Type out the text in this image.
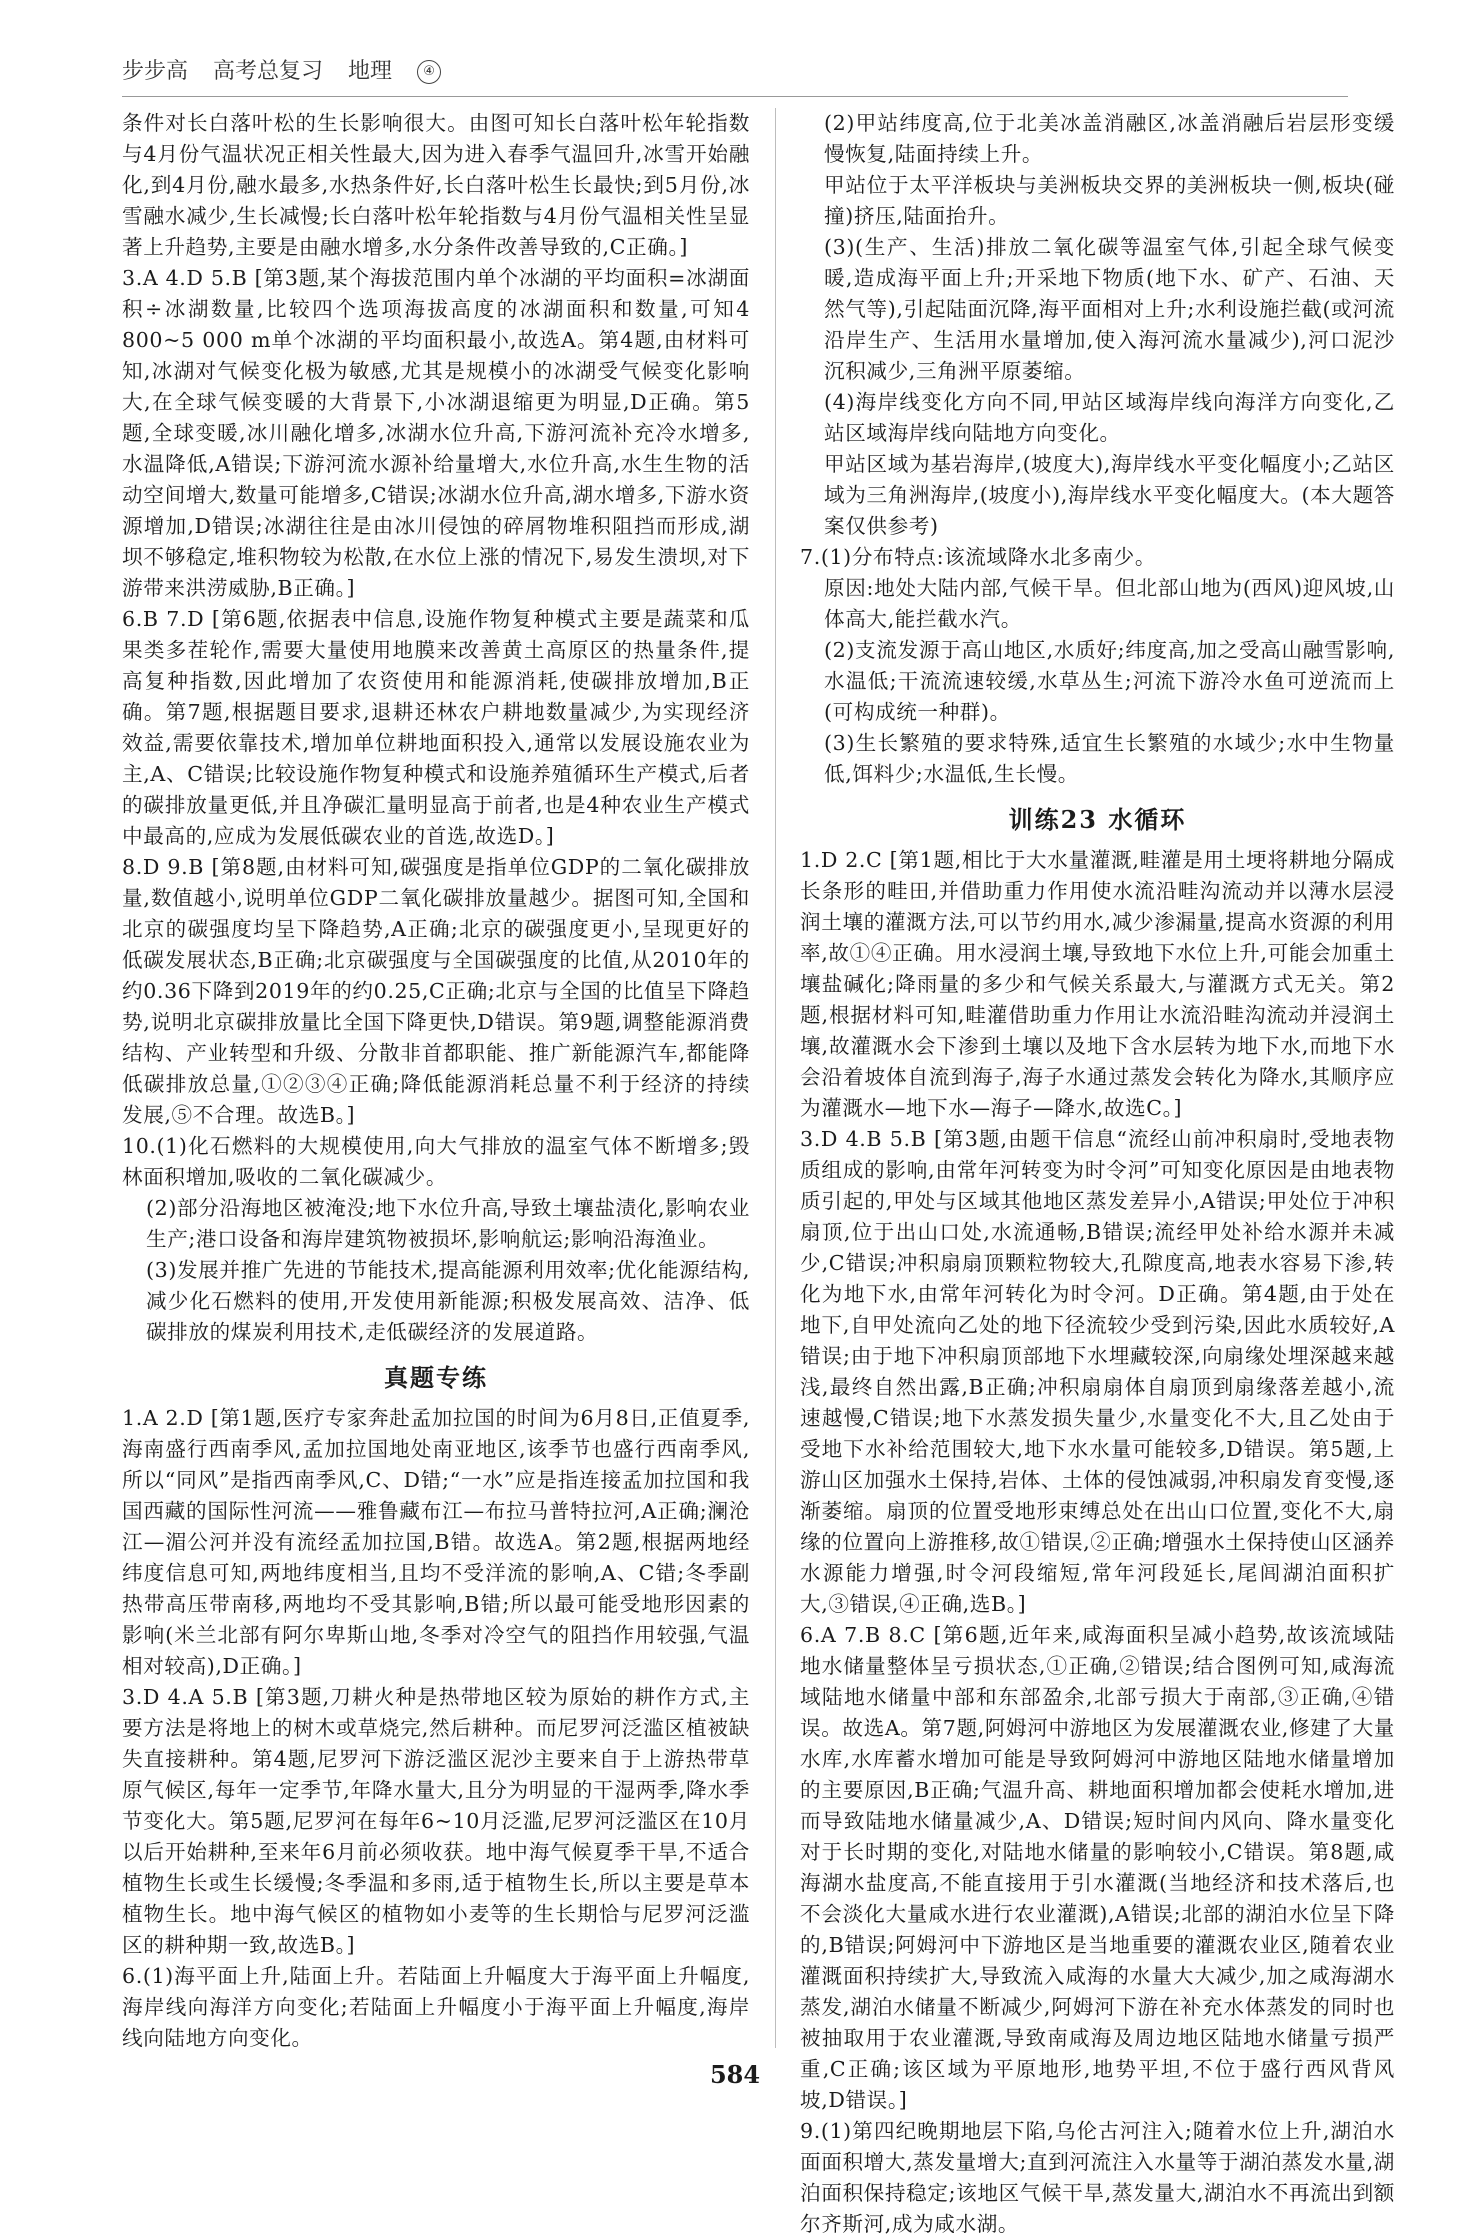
步步高 高考总复习 地理 ④
条件对长白落叶松的生长影响很大。由图可知长白落叶松年轮指数与4月份气温状况正相关性最大,因为进入春季气温回升,冰雪开始融化,到4月份,融水最多,水热条件好,长白落叶松生长最快;到5月份,冰雪融水减少,生长减慢;长白落叶松年轮指数与4月份气温相关性呈显著上升趋势,主要是由融水增多,水分条件改善导致的,C正确。]
3.A 4.D 5.B [第3题,某个海拔范围内单个冰湖的平均面积=冰湖面积÷冰湖数量,比较四个选项海拔高度的冰湖面积和数量,可知4 800~5 000 m单个冰湖的平均面积最小,故选A。第4题,由材料可知,冰湖对气候变化极为敏感,尤其是规模小的冰湖受气候变化影响大,在全球气候变暖的大背景下,小冰湖退缩更为明显,D正确。第5题,全球变暖,冰川融化增多,冰湖水位升高,下游河流补充冷水增多,水温降低,A错误;下游河流水源补给量增大,水位升高,水生生物的活动空间增大,数量可能增多,C错误;冰湖水位升高,湖水增多,下游水资源增加,D错误;冰湖往往是由冰川侵蚀的碎屑物堆积阻挡而形成,湖坝不够稳定,堆积物较为松散,在水位上涨的情况下,易发生溃坝,对下游带来洪涝威胁,B正确。]
6.B 7.D [第6题,依据表中信息,设施作物复种模式主要是蔬菜和瓜果类多茬轮作,需要大量使用地膜来改善黄土高原区的热量条件,提高复种指数,因此增加了农资使用和能源消耗,使碳排放增加,B正确。第7题,根据题目要求,退耕还林农户耕地数量减少,为实现经济效益,需要依靠技术,增加单位耕地面积投入,通常以发展设施农业为主,A、C错误;比较设施作物复种模式和设施养殖循环生产模式,后者的碳排放量更低,并且净碳汇量明显高于前者,也是4种农业生产模式中最高的,应成为发展低碳农业的首选,故选D。]
8.D 9.B [第8题,由材料可知,碳强度是指单位GDP的二氧化碳排放量,数值越小,说明单位GDP二氧化碳排放量越少。据图可知,全国和北京的碳强度均呈下降趋势,A正确;北京的碳强度更小,呈现更好的低碳发展状态,B正确;北京碳强度与全国碳强度的比值,从2010年的约0.36下降到2019年的约0.25,C正确;北京与全国的比值呈下降趋势,说明北京碳排放量比全国下降更快,D错误。第9题,调整能源消费结构、产业转型和升级、分散非首都职能、推广新能源汽车,都能降低碳排放总量,①②③④正确;降低能源消耗总量不利于经济的持续发展,⑤不合理。故选B。]
10.(1)化石燃料的大规模使用,向大气排放的温室气体不断增多;毁林面积增加,吸收的二氧化碳减少。
(2)部分沿海地区被淹没;地下水位升高,导致土壤盐渍化,影响农业生产;港口设备和海岸建筑物被损坏,影响航运;影响沿海渔业。
(3)发展并推广先进的节能技术,提高能源利用效率;优化能源结构,减少化石燃料的使用,开发使用新能源;积极发展高效、洁净、低碳排放的煤炭利用技术,走低碳经济的发展道路。
真题专练
1.A 2.D [第1题,医疗专家奔赴孟加拉国的时间为6月8日,正值夏季,海南盛行西南季风,孟加拉国地处南亚地区,该季节也盛行西南季风,所以“同风”是指西南季风,C、D错;“一水”应是指连接孟加拉国和我国西藏的国际性河流——雅鲁藏布江—布拉马普特拉河,A正确;澜沧江—湄公河并没有流经孟加拉国,B错。故选A。第2题,根据两地经纬度信息可知,两地纬度相当,且均不受洋流的影响,A、C错;冬季副热带高压带南移,两地均不受其影响,B错;所以最可能受地形因素的影响(米兰北部有阿尔卑斯山地,冬季对冷空气的阻挡作用较强,气温相对较高),D正确。]
3.D 4.A 5.B [第3题,刀耕火种是热带地区较为原始的耕作方式,主要方法是将地上的树木或草烧完,然后耕种。而尼罗河泛滥区植被缺失直接耕种。第4题,尼罗河下游泛滥区泥沙主要来自于上游热带草原气候区,每年一定季节,年降水量大,且分为明显的干湿两季,降水季节变化大。第5题,尼罗河在每年6~10月泛滥,尼罗河泛滥区在10月以后开始耕种,至来年6月前必须收获。地中海气候夏季干旱,不适合植物生长或生长缓慢;冬季温和多雨,适于植物生长,所以主要是草本植物生长。地中海气候区的植物如小麦等的生长期恰与尼罗河泛滥区的耕种期一致,故选B。]
6.(1)海平面上升,陆面上升。若陆面上升幅度大于海平面上升幅度,海岸线向海洋方向变化;若陆面上升幅度小于海平面上升幅度,海岸线向陆地方向变化。
(2)甲站纬度高,位于北美冰盖消融区,冰盖消融后岩层形变缓慢恢复,陆面持续上升。
甲站位于太平洋板块与美洲板块交界的美洲板块一侧,板块(碰撞)挤压,陆面抬升。
(3)(生产、生活)排放二氧化碳等温室气体,引起全球气候变暖,造成海平面上升;开采地下物质(地下水、矿产、石油、天然气等),引起陆面沉降,海平面相对上升;水利设施拦截(或河流沿岸生产、生活用水量增加,使入海河流水量减少),河口泥沙沉积减少,三角洲平原萎缩。
(4)海岸线变化方向不同,甲站区域海岸线向海洋方向变化,乙站区域海岸线向陆地方向变化。
甲站区域为基岩海岸,(坡度大),海岸线水平变化幅度小;乙站区域为三角洲海岸,(坡度小),海岸线水平变化幅度大。(本大题答案仅供参考)
7.(1)分布特点:该流域降水北多南少。
原因:地处大陆内部,气候干旱。但北部山地为(西风)迎风坡,山体高大,能拦截水汽。
(2)支流发源于高山地区,水质好;纬度高,加之受高山融雪影响,水温低;干流流速较缓,水草丛生;河流下游冷水鱼可逆流而上(可构成统一种群)。
(3)生长繁殖的要求特殊,适宜生长繁殖的水域少;水中生物量低,饵料少;水温低,生长慢。
训练23 水循环
1.D 2.C [第1题,相比于大水量灌溉,畦灌是用土埂将耕地分隔成长条形的畦田,并借助重力作用使水流沿畦沟流动并以薄水层浸润土壤的灌溉方法,可以节约用水,减少渗漏量,提高水资源的利用率,故①④正确。用水浸润土壤,导致地下水位上升,可能会加重土壤盐碱化;降雨量的多少和气候关系最大,与灌溉方式无关。第2题,根据材料可知,畦灌借助重力作用让水流沿畦沟流动并浸润土壤,故灌溉水会下渗到土壤以及地下含水层转为地下水,而地下水会沿着坡体自流到海子,海子水通过蒸发会转化为降水,其顺序应为灌溉水—地下水—海子—降水,故选C。]
3.D 4.B 5.B [第3题,由题干信息“流经山前冲积扇时,受地表物质组成的影响,由常年河转变为时令河”可知变化原因是由地表物质引起的,甲处与区域其他地区蒸发差异小,A错误;甲处位于冲积扇顶,位于出山口处,水流通畅,B错误;流经甲处补给水源并未减少,C错误;冲积扇扇顶颗粒物较大,孔隙度高,地表水容易下渗,转化为地下水,由常年河转化为时令河。D正确。第4题,由于处在地下,自甲处流向乙处的地下径流较少受到污染,因此水质较好,A错误;由于地下冲积扇顶部地下水埋藏较深,向扇缘处埋深越来越浅,最终自然出露,B正确;冲积扇扇体自扇顶到扇缘落差越小,流速越慢,C错误;地下水蒸发损失量少,水量变化不大,且乙处由于受地下水补给范围较大,地下水水量可能较多,D错误。第5题,上游山区加强水土保持,岩体、土体的侵蚀减弱,冲积扇发育变慢,逐渐萎缩。扇顶的位置受地形束缚总处在出山口位置,变化不大,扇缘的位置向上游推移,故①错误,②正确;增强水土保持使山区涵养水源能力增强,时令河段缩短,常年河段延长,尾闾湖泊面积扩大,③错误,④正确,选B。]
6.A 7.B 8.C [第6题,近年来,咸海面积呈减小趋势,故该流域陆地水储量整体呈亏损状态,①正确,②错误;结合图例可知,咸海流域陆地水储量中部和东部盈余,北部亏损大于南部,③正确,④错误。故选A。第7题,阿姆河中游地区为发展灌溉农业,修建了大量水库,水库蓄水增加可能是导致阿姆河中游地区陆地水储量增加的主要原因,B正确;气温升高、耕地面积增加都会使耗水增加,进而导致陆地水储量减少,A、D错误;短时间内风向、降水量变化对于长时期的变化,对陆地水储量的影响较小,C错误。第8题,咸海湖水盐度高,不能直接用于引水灌溉(当地经济和技术落后,也不会淡化大量咸水进行农业灌溉),A错误;北部的湖泊水位呈下降的,B错误;阿姆河中下游地区是当地重要的灌溉农业区,随着农业灌溉面积持续扩大,导致流入咸海的水量大大减少,加之咸海湖水蒸发,湖泊水储量不断减少,阿姆河下游在补充水体蒸发的同时也被抽取用于农业灌溉,导致南咸海及周边地区陆地水储量亏损严重,C正确;该区域为平原地形,地势平坦,不位于盛行西风背风坡,D错误。]
9.(1)第四纪晚期地层下陷,乌伦古河注入;随着水位上升,湖泊水面面积增大,蒸发量增大;直到河流注入水量等于湖泊蒸发水量,湖泊面积保持稳定;该地区气候干旱,蒸发量大,湖泊水不再流出到额尔齐斯河,成为咸水湖。
584
